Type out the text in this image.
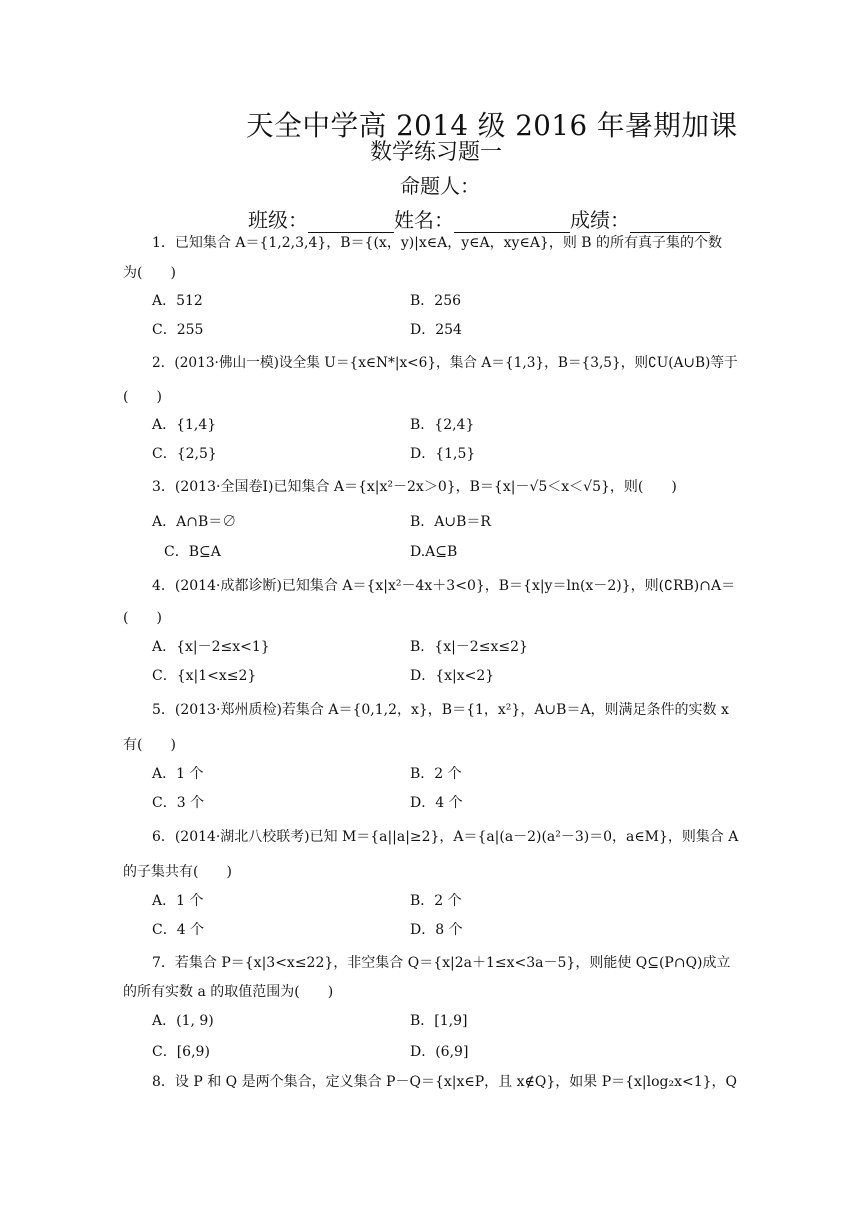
天全中学高 2014 级 2016 年暑期加课
数学练习题一
命题人：
班级：	姓名：	成绩：
1．已知集合 A＝{1,2,3,4}，B＝{(x，y)|x∈A，y∈A，xy∈A}，则 B 的所有真子集的个数
为(　　)
A．512	B．256
C．255	D．254
2．(2013·佛山一模)设全集 U＝{x∈N*|x<6}，集合 A＝{1,3}，B＝{3,5}，则∁U(A∪B)等于
(　　)
A．{1,4}	B．{2,4}
C．{2,5}	D．{1,5}
3．(2013·全国卷Ⅰ)已知集合 A＝{x|x²－2x＞0}，B＝{x|－√5＜x＜√5}，则(　　)
A．A∩B＝∅	B．A∪B＝R
C．B⊆A	D.A⊆B
4．(2014·成都诊断)已知集合 A＝{x|x²－4x＋3<0}，B＝{x|y＝ln(x－2)}，则(∁RB)∩A＝
(　　)
A．{x|－2≤x<1}	B．{x|－2≤x≤2}
C．{x|1<x≤2}	D．{x|x<2}
5．(2013·郑州质检)若集合 A＝{0,1,2，x}，B＝{1，x²}，A∪B＝A，则满足条件的实数 x
有(　　)
A．1 个	B．2 个
C．3 个	D．4 个
6．(2014·湖北八校联考)已知 M＝{a||a|≥2}，A＝{a|(a－2)(a²－3)＝0，a∈M}，则集合 A
的子集共有(　　)
A．1 个	B．2 个
C．4 个	D．8 个
7．若集合 P＝{x|3<x≤22}，非空集合 Q＝{x|2a＋1≤x<3a－5}，则能使 Q⊆(P∩Q)成立
的所有实数 a 的取值范围为(　　)
A．(1, 9)	B．[1,9]
C．[6,9)	D．(6,9]
8．设 P 和 Q 是两个集合，定义集合 P－Q＝{x|x∈P，且 x∉Q}，如果 P＝{x|log₂x<1}，Q
